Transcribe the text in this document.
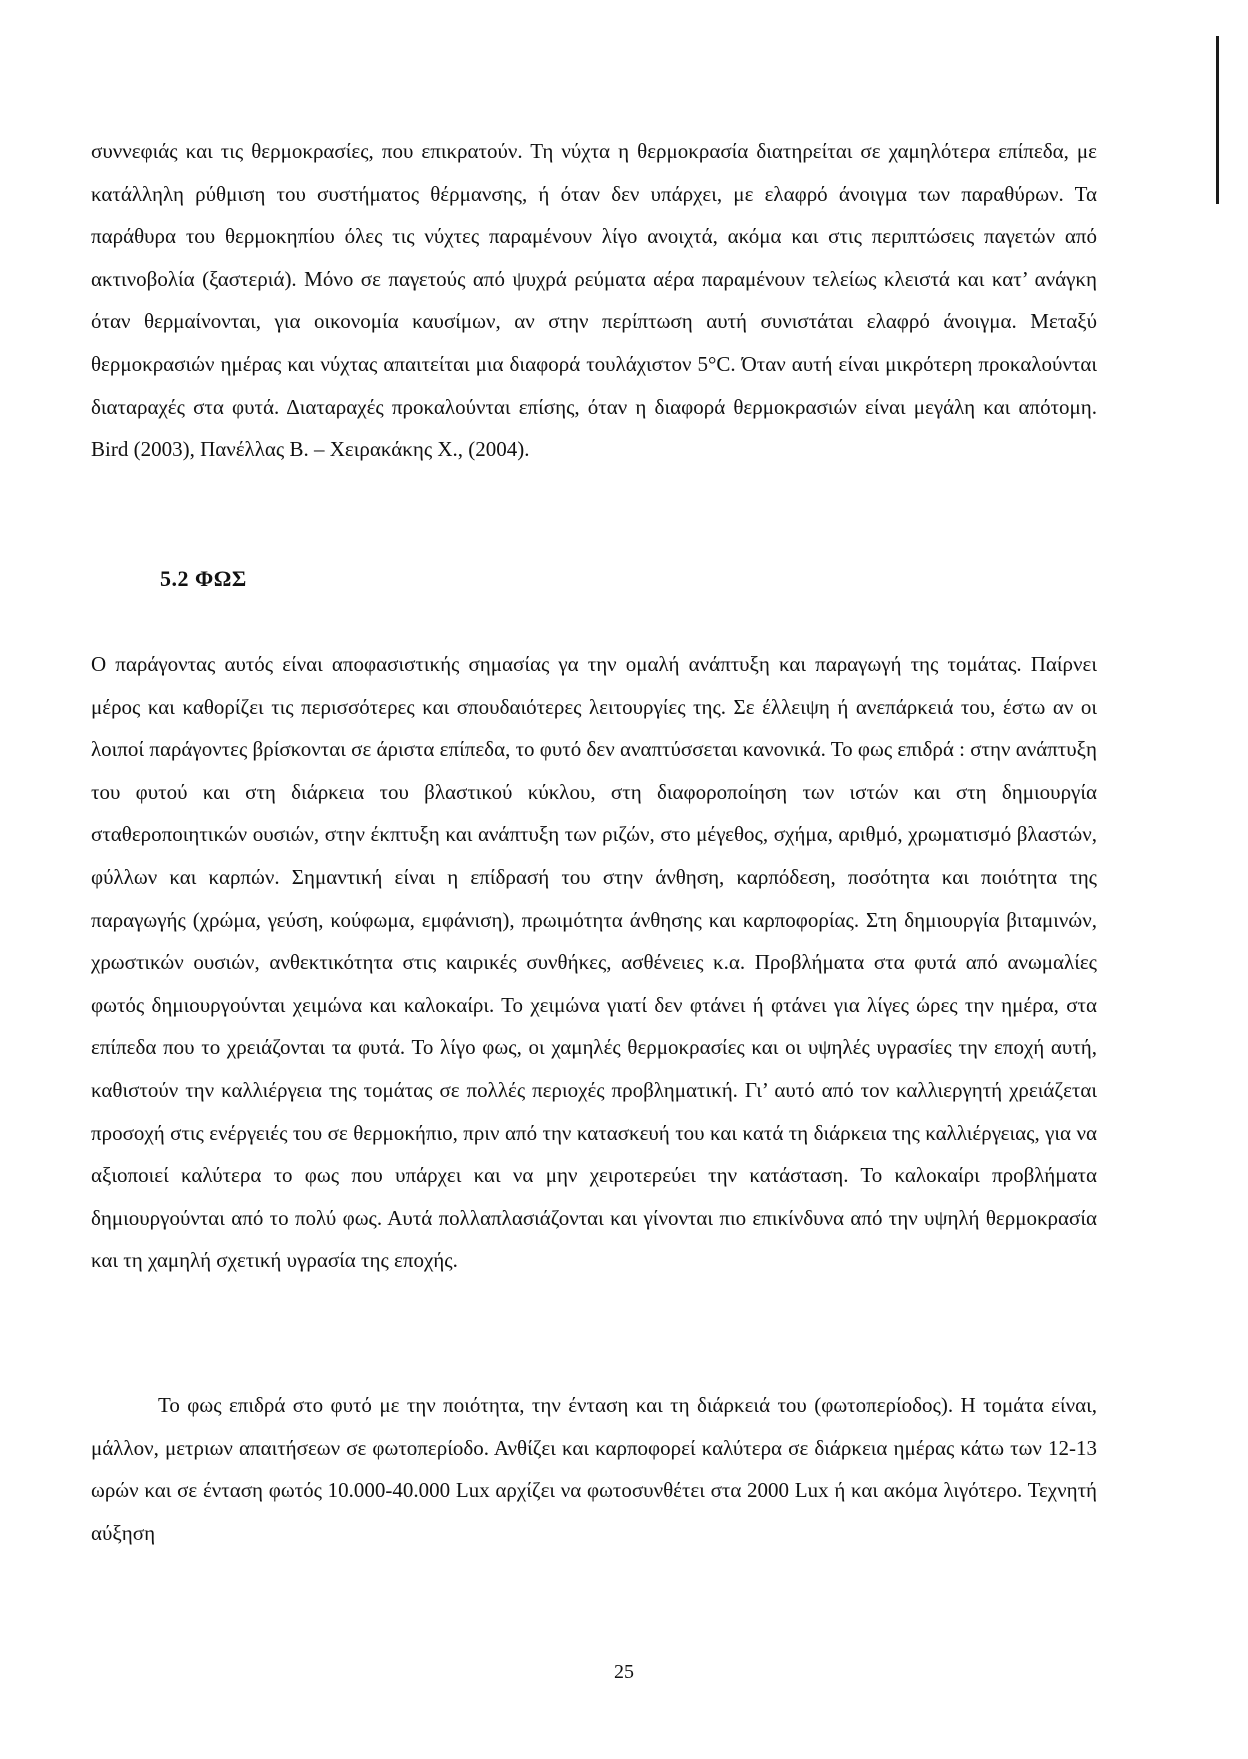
συννεφιάς και τις θερμοκρασίες, που επικρατούν. Τη νύχτα η θερμοκρασία διατηρείται σε χαμηλότερα επίπεδα, με κατάλληλη ρύθμιση του συστήματος θέρμανσης, ή όταν δεν υπάρχει, με ελαφρό άνοιγμα των παραθύρων. Τα παράθυρα του θερμοκηπίου όλες τις νύχτες παραμένουν λίγο ανοιχτά, ακόμα και στις περιπτώσεις παγετών από ακτινοβολία (ξαστεριά). Μόνο σε παγετούς από ψυχρά ρεύματα αέρα παραμένουν τελείως κλειστά και κατ’ ανάγκη όταν θερμαίνονται, για οικονομία καυσίμων, αν στην περίπτωση αυτή συνιστάται ελαφρό άνοιγμα. Μεταξύ θερμοκρασιών ημέρας και νύχτας απαιτείται μια διαφορά τουλάχιστον 5°C. Όταν αυτή είναι μικρότερη προκαλούνται διαταραχές στα φυτά. Διαταραχές προκαλούνται επίσης, όταν η διαφορά θερμοκρασιών είναι μεγάλη και απότομη. Bird (2003), Πανέλλας Β. – Χειρακάκης Χ., (2004).

5.2 ΦΩΣ

Ο παράγοντας αυτός είναι αποφασιστικής σημασίας γα την ομαλή ανάπτυξη και παραγωγή της τομάτας. Παίρνει μέρος και καθορίζει τις περισσότερες και σπουδαιότερες λειτουργίες της. Σε έλλειψη ή ανεπάρκειά του, έστω αν οι λοιποί παράγοντες βρίσκονται σε άριστα επίπεδα, το φυτό δεν αναπτύσσεται κανονικά. Το φως επιδρά : στην ανάπτυξη του φυτού και στη διάρκεια του βλαστικού κύκλου, στη διαφοροποίηση των ιστών και στη δημιουργία σταθεροποιητικών ουσιών, στην έκπτυξη και ανάπτυξη των ριζών, στο μέγεθος, σχήμα, αριθμό, χρωματισμό βλαστών, φύλλων και καρπών. Σημαντική είναι η επίδρασή του στην άνθηση, καρπόδεση, ποσότητα και ποιότητα της παραγωγής (χρώμα, γεύση, κούφωμα, εμφάνιση), πρωιμότητα άνθησης και καρποφορίας. Στη δημιουργία βιταμινών, χρωστικών ουσιών, ανθεκτικότητα στις καιρικές συνθήκες, ασθένειες κ.α. Προβλήματα στα φυτά από ανωμαλίες φωτός δημιουργούνται χειμώνα και καλοκαίρι. Το χειμώνα γιατί δεν φτάνει ή φτάνει για λίγες ώρες την ημέρα, στα επίπεδα που το χρειάζονται τα φυτά. Το λίγο φως, οι χαμηλές θερμοκρασίες και οι υψηλές υγρασίες την εποχή αυτή, καθιστούν την καλλιέργεια της τομάτας σε πολλές περιοχές προβληματική. Γι’ αυτό από τον καλλιεργητή χρειάζεται προσοχή στις ενέργειές του σε θερμοκήπιο, πριν από την κατασκευή του και κατά τη διάρκεια της καλλιέργειας, για να αξιοποιεί καλύτερα το φως που υπάρχει και να μην χειροτερεύει την κατάσταση. Το καλοκαίρι προβλήματα δημιουργούνται από το πολύ φως. Αυτά πολλαπλασιάζονται και γίνονται πιο επικίνδυνα από την υψηλή θερμοκρασία και τη χαμηλή σχετική υγρασία της εποχής.

Το φως επιδρά στο φυτό με την ποιότητα, την ένταση και τη διάρκειά του (φωτοπερίοδος). Η τομάτα είναι, μάλλον, μετριων απαιτήσεων σε φωτοπερίοδο. Ανθίζει και καρποφορεί καλύτερα σε διάρκεια ημέρας κάτω των 12-13 ωρών και σε ένταση φωτός 10.000-40.000 Lux αρχίζει να φωτοσυνθέτει στα 2000 Lux ή και ακόμα λιγότερο. Τεχνητή αύξηση

25
